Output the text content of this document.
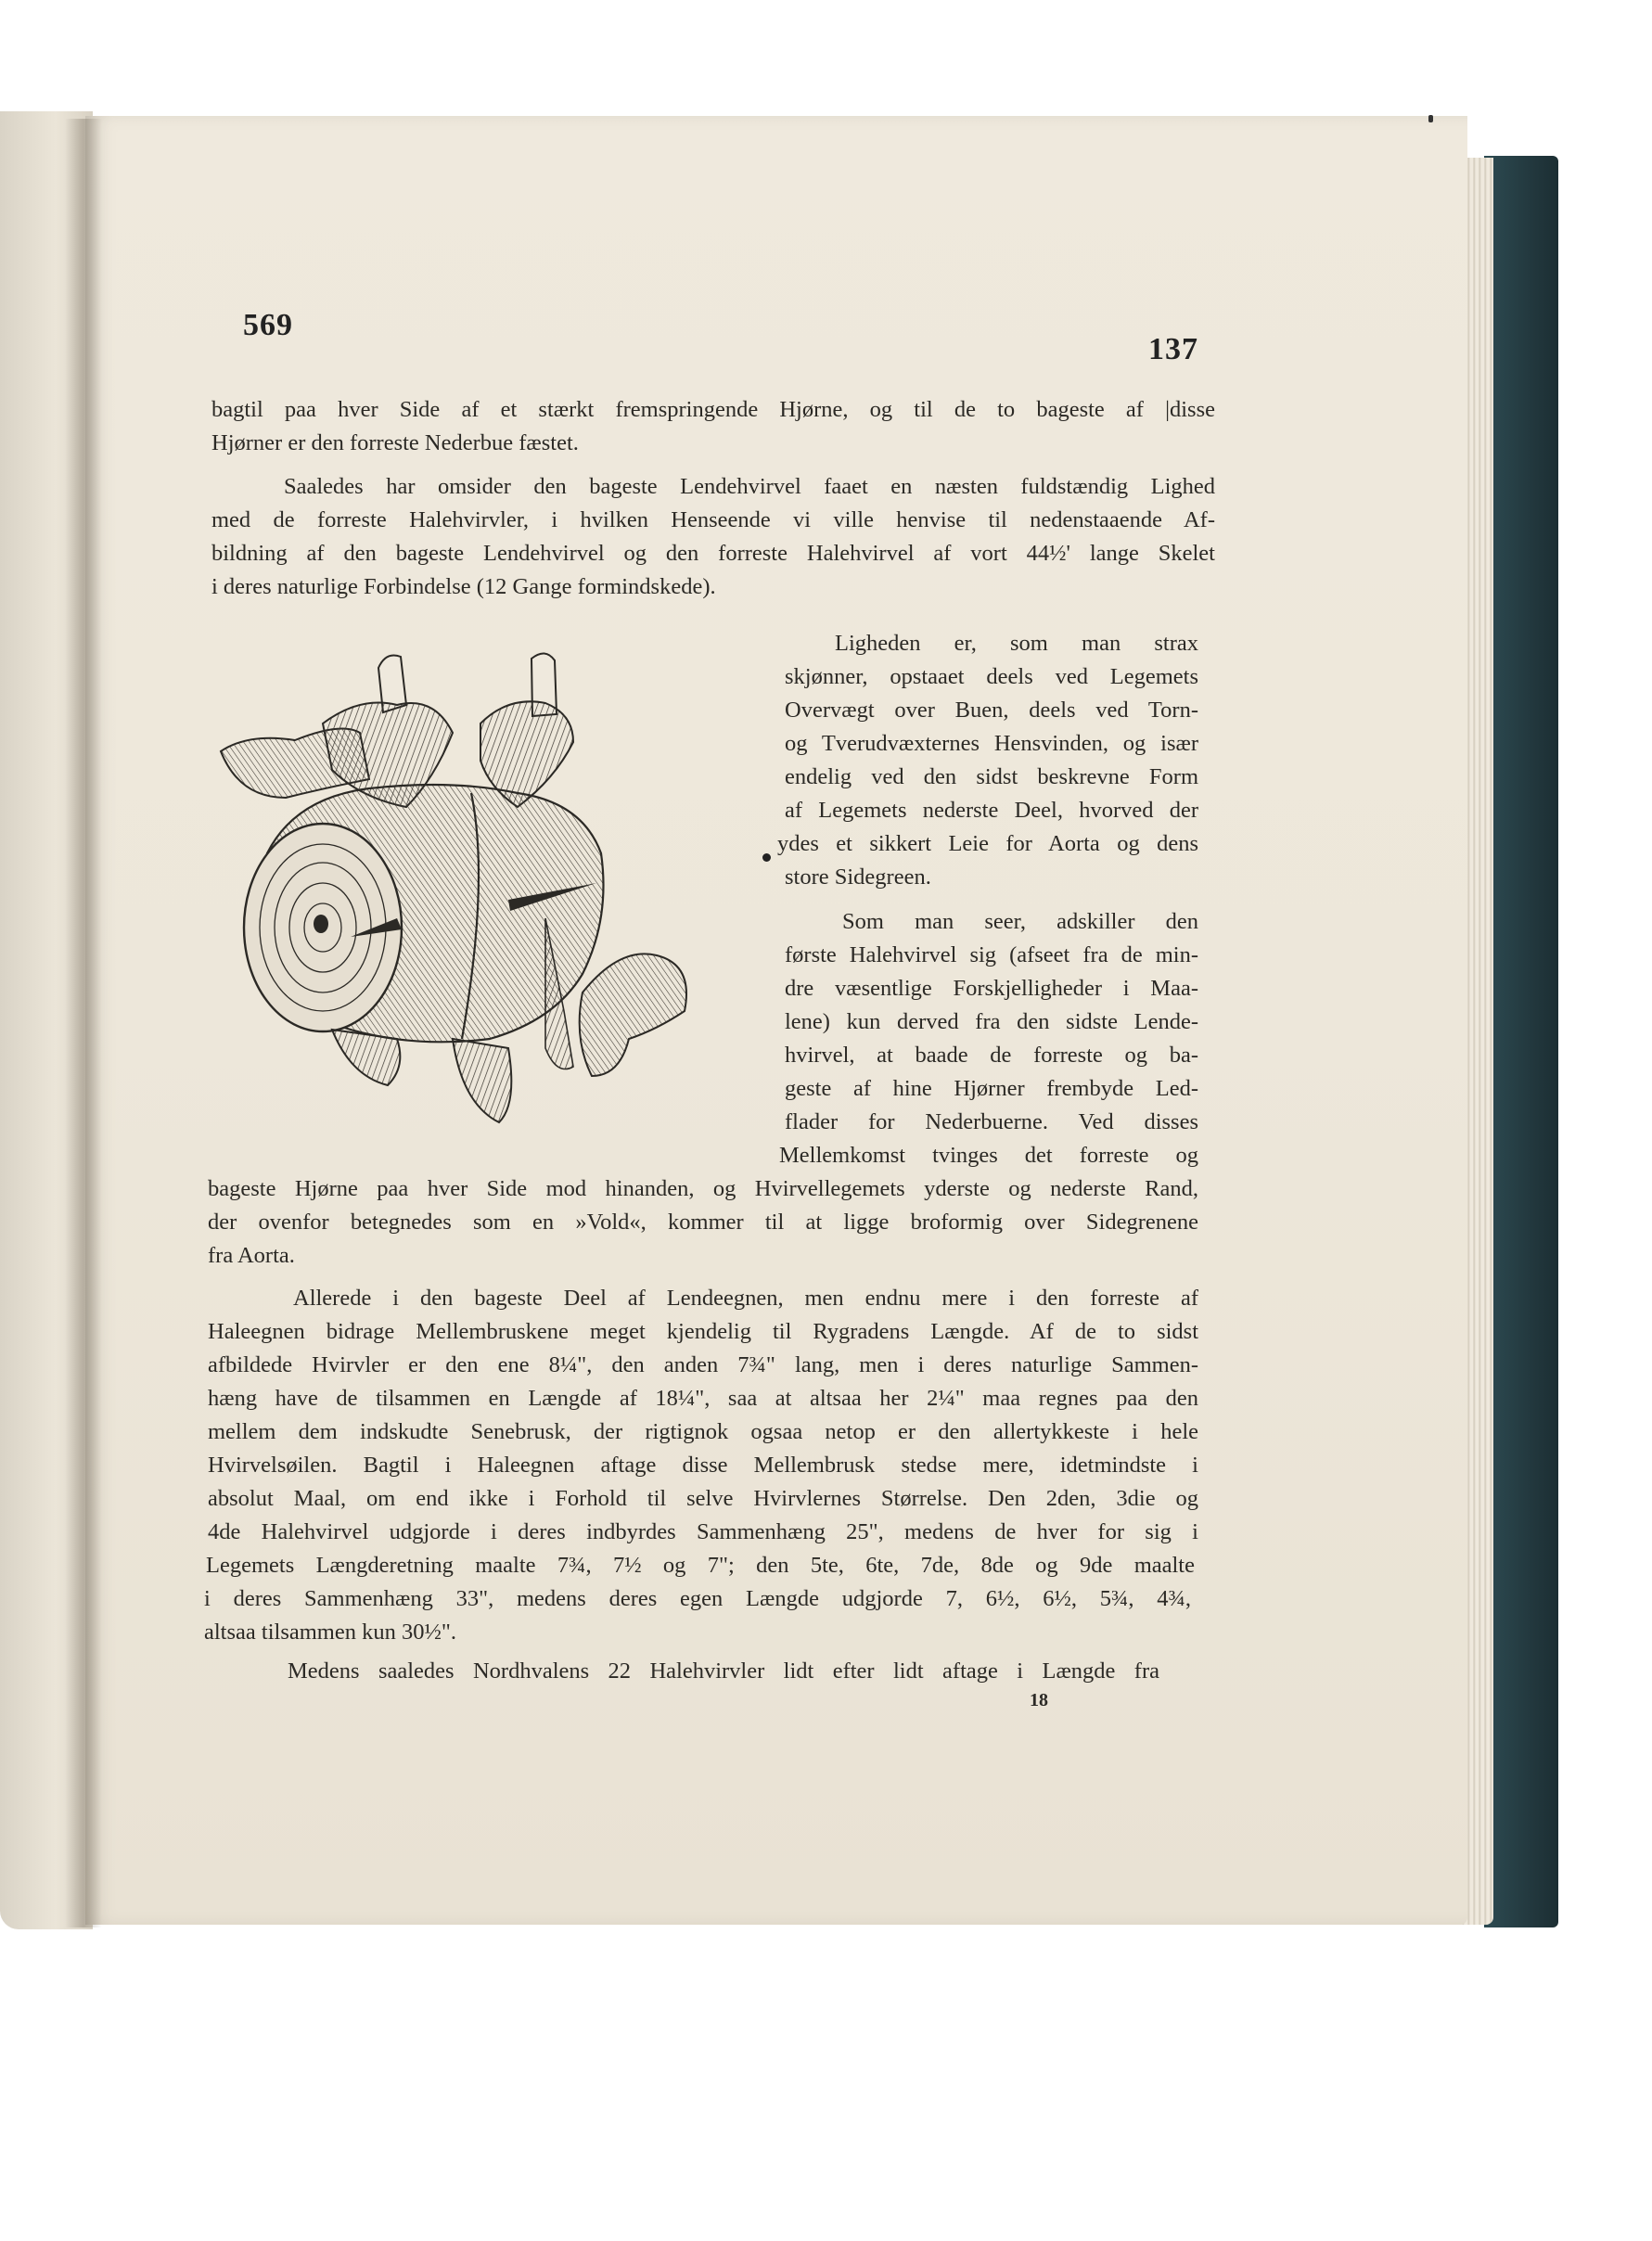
569
137
bagtil paa hver Side af et stærkt fremspringende Hjørne, og til de to bageste af |disse
Hjørner er den forreste Nederbue fæstet.
Saaledes har omsider den bageste Lendehvirvel faaet en næsten fuldstændig Lighed
med de forreste Halehvirvler, i hvilken Henseende vi ville henvise til nedenstaaende Af-
bildning af den bageste Lendehvirvel og den forreste Halehvirvel af vort 44½' lange Skelet
i deres naturlige Forbindelse (12 Gange formindskede).
Ligheden er, som man strax
skjønner, opstaaet deels ved Legemets
Overvægt over Buen, deels ved Torn-
og Tverudvæxternes Hensvinden, og især
endelig ved den sidst beskrevne Form
af Legemets nederste Deel, hvorved der
ydes et sikkert Leie for Aorta og dens
store Sidegreen.
Som man seer, adskiller den
første Halehvirvel sig (afseet fra de min-
dre væsentlige Forskjelligheder i Maa-
lene) kun derved fra den sidste Lende-
hvirvel, at baade de forreste og ba-
geste af hine Hjørner frembyde Led-
flader for Nederbuerne. Ved disses
Mellemkomst tvinges det forreste og
bageste Hjørne paa hver Side mod hinanden, og Hvirvellegemets yderste og nederste Rand,
der ovenfor betegnedes som en »Vold«, kommer til at ligge broformig over Sidegrenene
fra Aorta.
Allerede i den bageste Deel af Lendeegnen, men endnu mere i den forreste af
Haleegnen bidrage Mellembruskene meget kjendelig til Rygradens Længde. Af de to sidst
afbildede Hvirvler er den ene 8¼", den anden 7¾" lang, men i deres naturlige Sammen-
hæng have de tilsammen en Længde af 18¼", saa at altsaa her 2¼" maa regnes paa den
mellem dem indskudte Senebrusk, der rigtignok ogsaa netop er den allertykkeste i hele
Hvirvelsøilen. Bagtil i Haleegnen aftage disse Mellembrusk stedse mere, idetmindste i
absolut Maal, om end ikke i Forhold til selve Hvirvlernes Størrelse. Den 2den, 3die og
4de Halehvirvel udgjorde i deres indbyrdes Sammenhæng 25", medens de hver for sig i
Legemets Længderetning maalte 7¾, 7½ og 7"; den 5te, 6te, 7de, 8de og 9de maalte
i deres Sammenhæng 33", medens deres egen Længde udgjorde 7, 6½, 6½, 5¾, 4¾,
altsaa tilsammen kun 30½".
Medens saaledes Nordhvalens 22 Halehvirvler lidt efter lidt aftage i Længde fra
18
